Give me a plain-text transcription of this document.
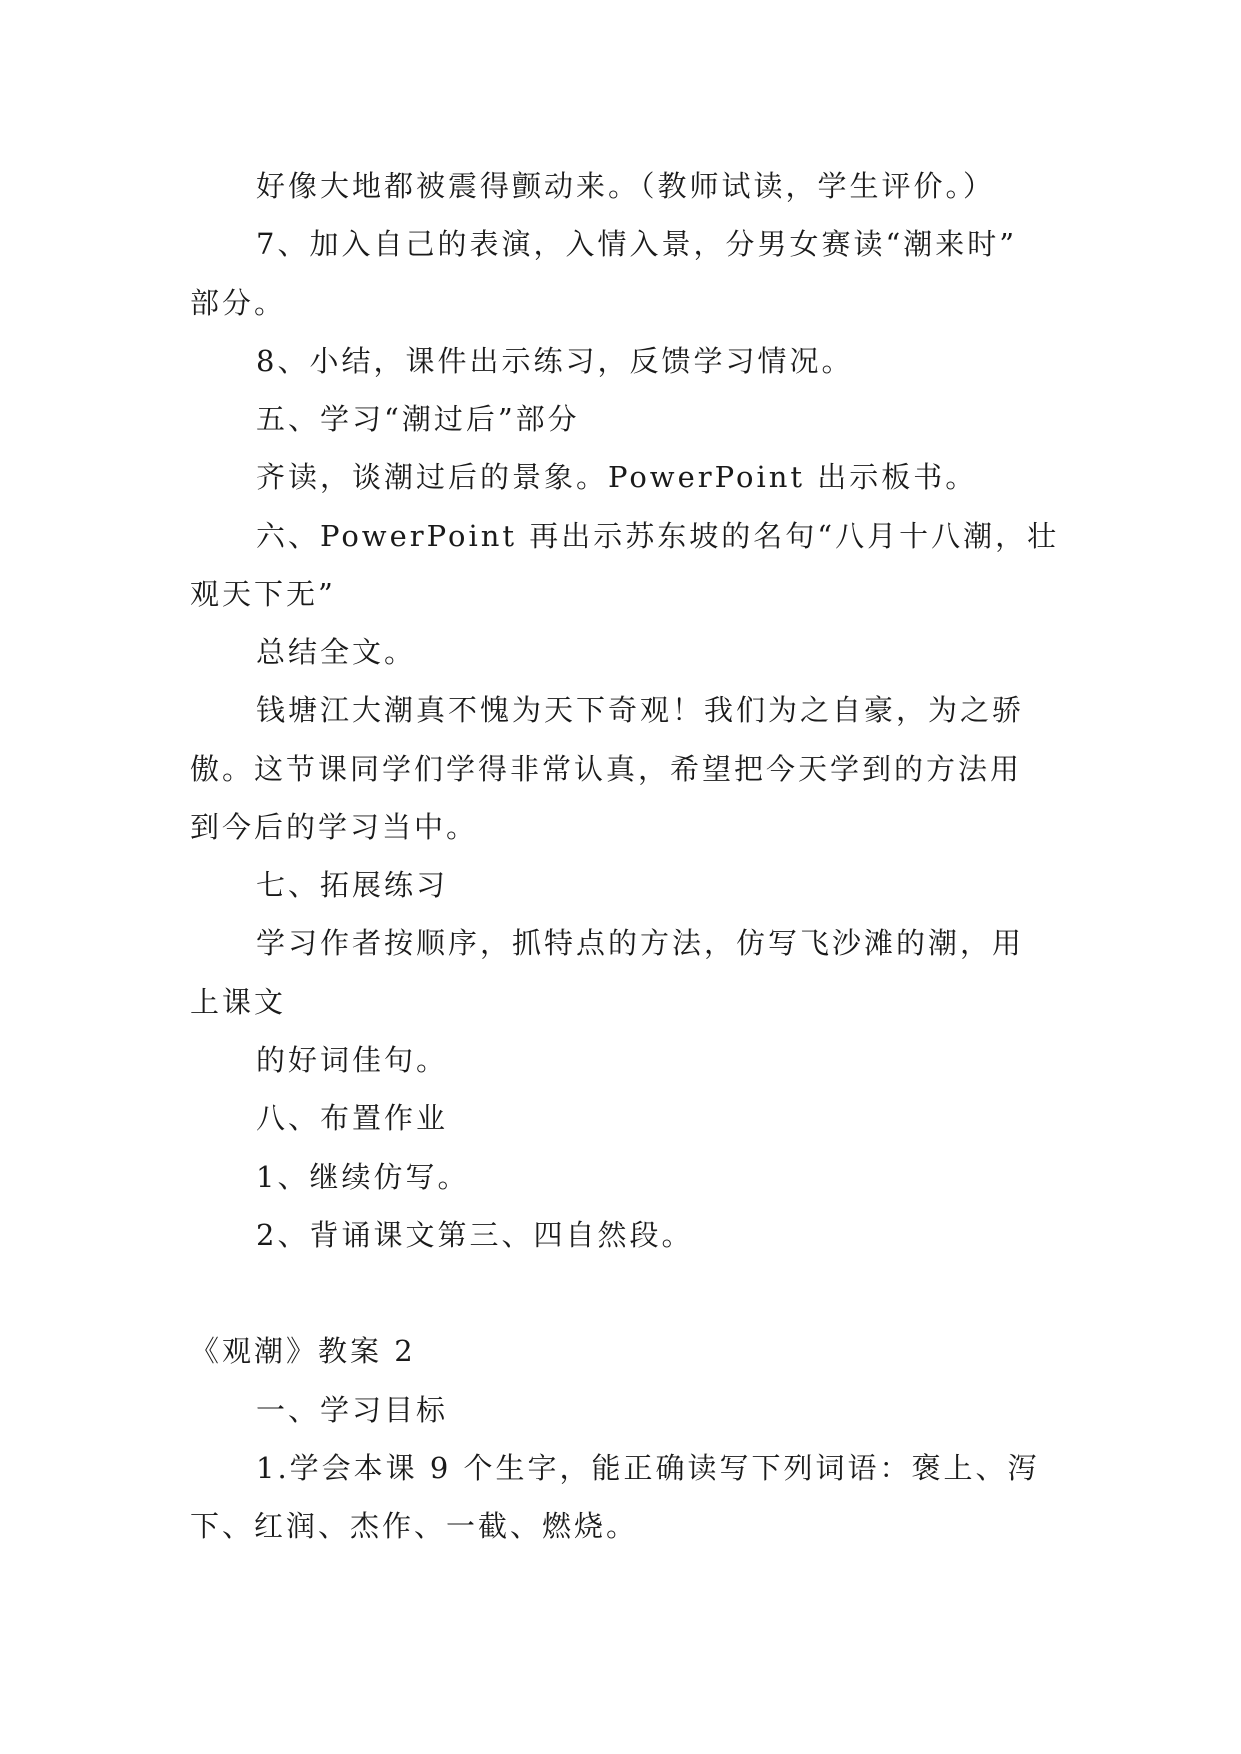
好像大地都被震得颤动来。（教师试读，学生评价。）
7、加入自己的表演，入情入景，分男女赛读“潮来时”
部分。
8、小结，课件出示练习，反馈学习情况。
五、学习“潮过后”部分
齐读，谈潮过后的景象。PowerPoint 出示板书。
六、PowerPoint 再出示苏东坡的名句“八月十八潮，壮
观天下无”
总结全文。
钱塘江大潮真不愧为天下奇观！我们为之自豪，为之骄
傲。这节课同学们学得非常认真，希望把今天学到的方法用
到今后的学习当中。
七、拓展练习
学习作者按顺序，抓特点的方法，仿写飞沙滩的潮，用
上课文
的好词佳句。
八、布置作业
1、继续仿写。
2、背诵课文第三、四自然段。
《观潮》教案 2
一、学习目标
1.学会本课 9 个生字，能正确读写下列词语：褒上、泻
下、红润、杰作、一截、燃烧。
